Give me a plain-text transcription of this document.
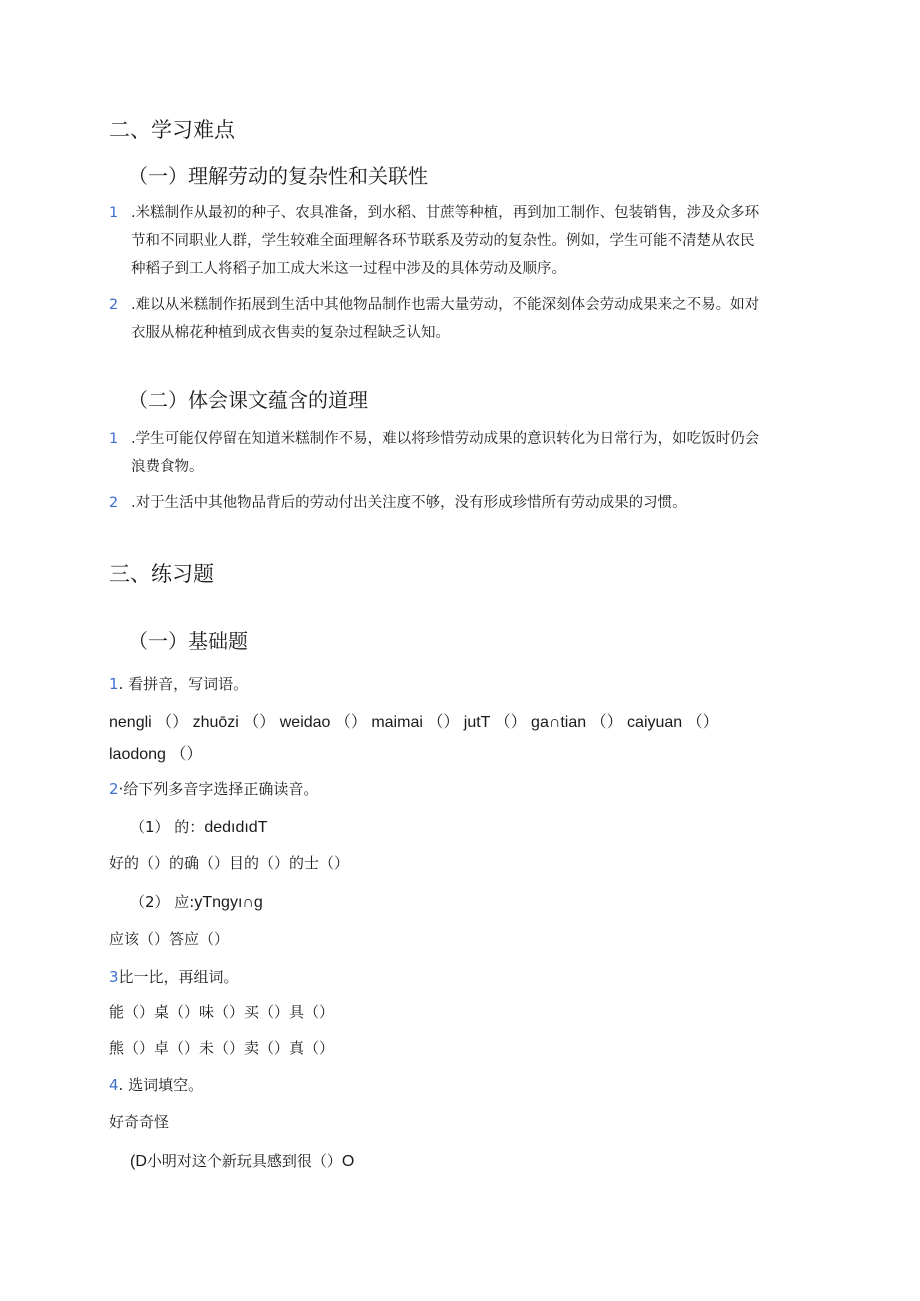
二、学习难点
（一）理解劳动的复杂性和关联性
1 .米糕制作从最初的种子、农具准备，到水稻、甘蔗等种植，再到加工制作、包装销售，涉及众多环
节和不同职业人群，学生较难全面理解各环节联系及劳动的复杂性。例如，学生可能不清楚从农民
种稻子到工人将稻子加工成大米这一过程中涉及的具体劳动及顺序。
2 .难以从米糕制作拓展到生活中其他物品制作也需大量劳动，不能深刻体会劳动成果来之不易。如对
衣服从棉花种植到成衣售卖的复杂过程缺乏认知。
（二）体会课文蕴含的道理
1 .学生可能仅停留在知道米糕制作不易，难以将珍惜劳动成果的意识转化为日常行为，如吃饭时仍会
浪费食物。
2 .对于生活中其他物品背后的劳动付出关注度不够，没有形成珍惜所有劳动成果的习惯。
三、练习题
（一）基础题
1. 看拼音，写词语。
nengli （） zhuōzi （） weidao （） maimai （） jutT （） ga∩tian （） caiyuan （）
laodong （）
2·给下列多音字选择正确读音。
（1） 的：dedıdıdT
好的（）的确（）目的（）的士（）
（2） 应:yTngyı∩g
应该（）答应（）
3比一比，再组词。
能（）桌（）味（）买（）具（）
熊（）卓（）未（）卖（）真（）
4. 选词填空。
好奇奇怪
(D小明对这个新玩具感到很（）O
